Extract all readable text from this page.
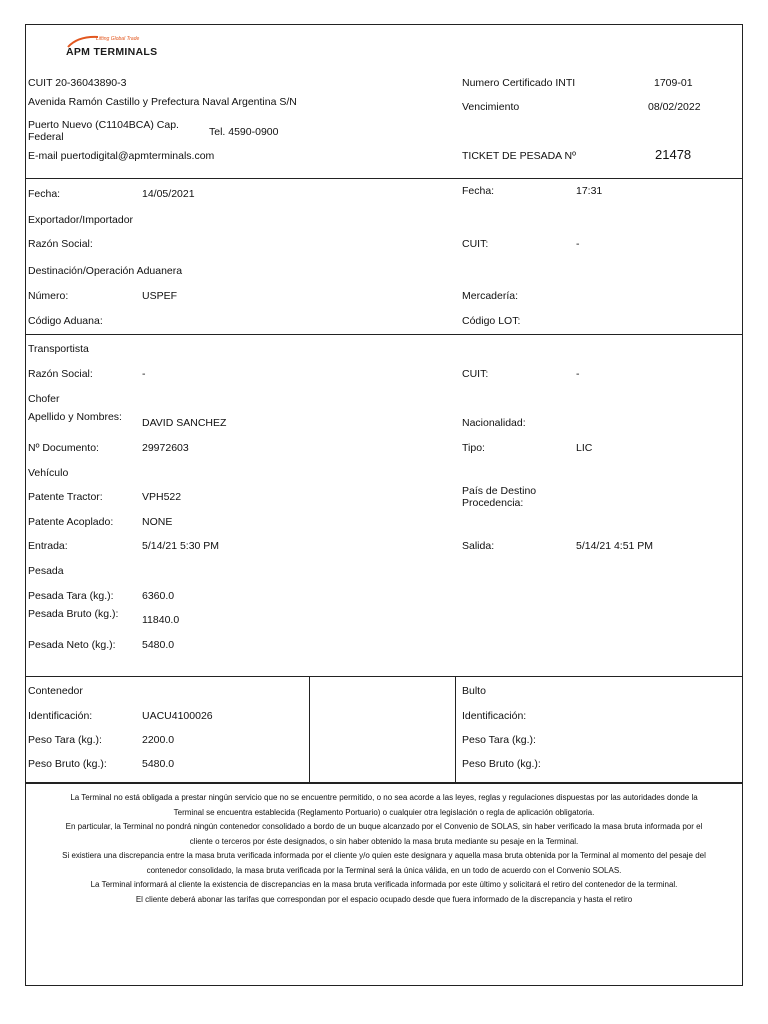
Lifting Global Trade
APM TERMINALS
CUIT 20-36043890-3
Avenida Ramón Castillo y Prefectura Naval Argentina S/N
Puerto Nuevo (C1104BCA) Cap. Federal	Tel. 4590-0900
E-mail puertodigital@apmterminals.com
Numero Certificado INTI	1709-01
Vencimiento	08/02/2022
TICKET DE PESADA Nº	21478
Fecha:	14/05/2021	Fecha:	17:31
Exportador/Importador
Razón Social:	CUIT:	-
Destinación/Operación Aduanera
Número:	USPEF	Mercadería:
Código Aduana:	Código LOT:
Transportista
Razón Social:	-	CUIT:	-
Chofer
Apellido y Nombres: DAVID SANCHEZ	Nacionalidad:
Nº Documento:	29972603	Tipo:	LIC
Vehículo
Patente Tractor:	VPH522	País de Destino Procedencia:
Patente Acoplado:	NONE
Entrada:	5/14/21 5:30 PM	Salida:	5/14/21 4:51 PM
Pesada
Pesada Tara (kg.):	6360.0
Pesada Bruto (kg.): 11840.0
Pesada Neto (kg.):	5480.0
Contenedor
Identificación:	UACU4100026
Peso Tara (kg.):	2200.0
Peso Bruto (kg.):	5480.0
Bulto
Identificación:
Peso Tara (kg.):
Peso Bruto (kg.):

La Terminal no está obligada a prestar ningún servicio que no se encuentre permitido, o no sea acorde a las leyes, reglas y regulaciones dispuestas por las autoridades donde la Terminal se encuentra establecida (Reglamento Portuario) o cualquier otra legislación o regla de aplicación obligatoria.

En particular, la Terminal no pondrá ningún contenedor consolidado a bordo de un buque alcanzado por el Convenio de SOLAS, sin haber verificado la masa bruta informada por el cliente o terceros por éste designados, o sin haber obtenido la masa bruta mediante su pesaje en la Terminal.

Si existiera una discrepancia entre la masa bruta verificada informada por el cliente y/o quien este designara y aquella masa bruta obtenida por la Terminal al momento del pesaje del contenedor consolidado, la masa bruta verificada por la Terminal será la única válida, en un todo de acuerdo con el Convenio SOLAS.

La Terminal informará al cliente la existencia de discrepancias en la masa bruta verificada informada por este último y solicitará el retiro del contenedor de la terminal.

El cliente deberá abonar las tarifas que correspondan por el espacio ocupado desde que fuera informado de la discrepancia y hasta el retiro
